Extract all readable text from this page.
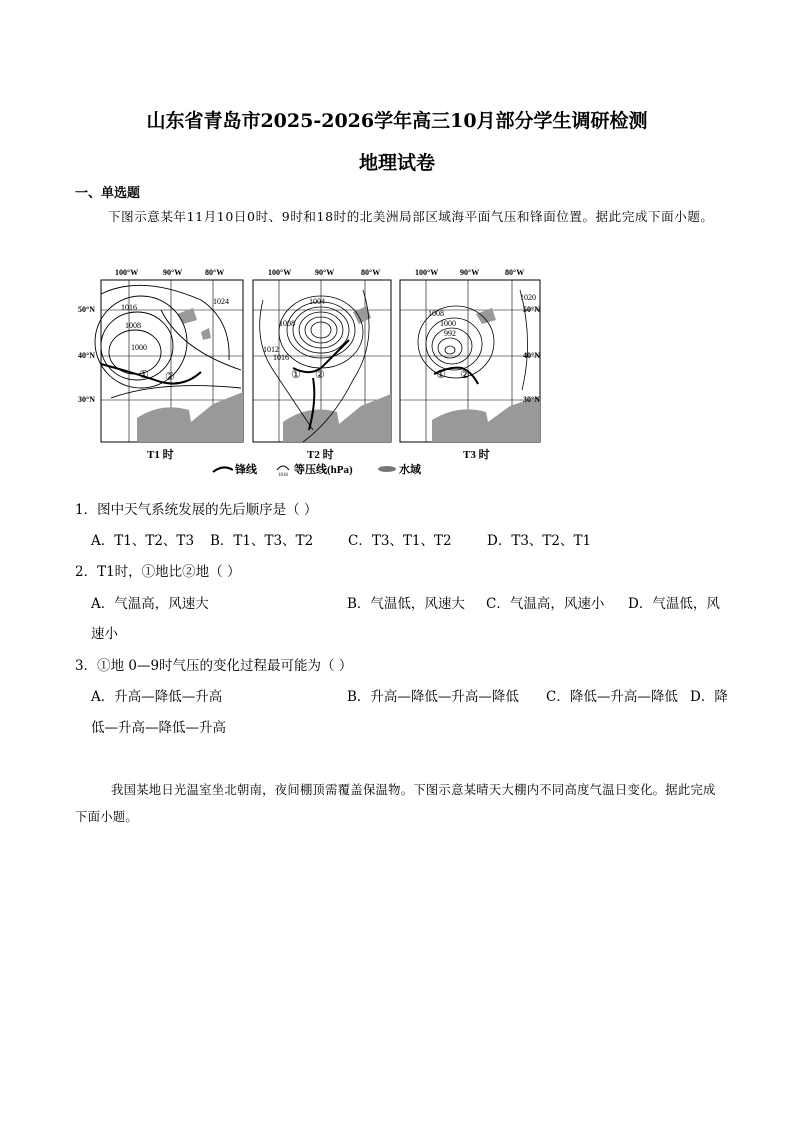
山东省青岛市2025-2026学年高三10月部分学生调研检测
地理试卷
一、单选题
下图示意某年11月10日0时、9时和18时的北美洲局部区域海平面气压和锋面位置。据此完成下面小题。
1016
1008
1000
1024
① ②
1004
1008
1012
1016
① ②
1008
1000
992
1020
① ②
100°W	90°W	80°W	100°W	90°W	80°W	100°W	90°W	80°W
50°N
40°N
30°N
50°N
40°N
30°N
T1 时	T2 时	T3 时
锋线	1016 等压线(hPa)	水域
1．图中天气系统发展的先后顺序是（ ）
A．T1、T2、T3 B．T1、T3、T2	C．T3、T1、T2	D．T3、T2、T1
2．T1时，①地比②地（ ）
A．气温高，风速大	B．气温低，风速大 C．气温高，风速小 D．气温低，风
速小
3．①地 0—9时气压的变化过程最可能为（ ）
A．升高—降低—升高	B．升高—降低—升高—降低 C．降低—升高—降低 D．降
低—升高—降低—升高
我国某地日光温室坐北朝南，夜间棚顶需覆盖保温物。下图示意某晴天大棚内不同高度气温日变化。据此完成下面小题。
